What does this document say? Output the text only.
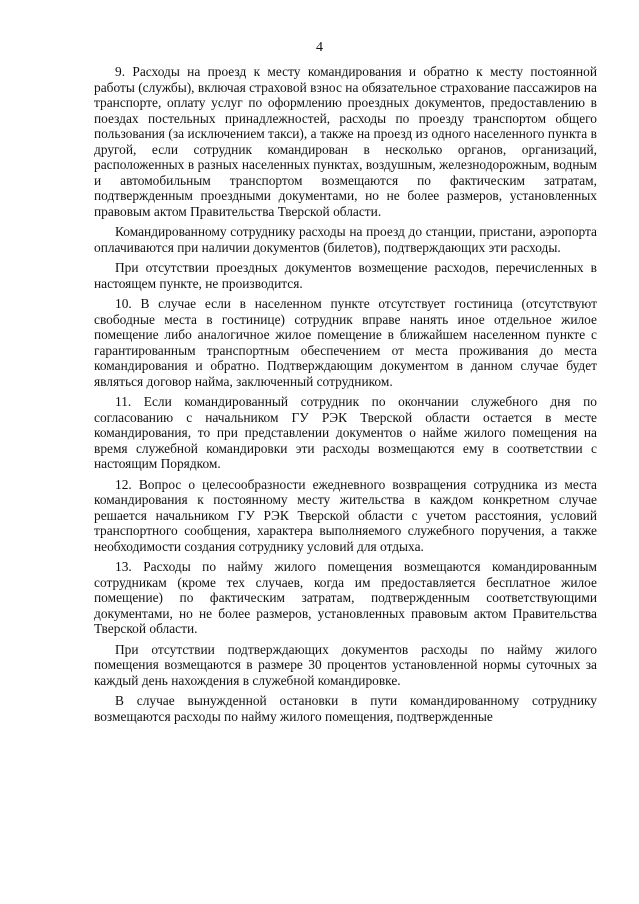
4

9. Расходы на проезд к месту командирования и обратно к месту постоянной работы (службы), включая страховой взнос на обязательное страхование пассажиров на транспорте, оплату услуг по оформлению проездных документов, предоставлению в поездах постельных принадлежностей, расходы по проезду транспортом общего пользования (за исключением такси), а также на проезд из одного населенного пункта в другой, если сотрудник командирован в несколько органов, организаций, расположенных в разных населенных пунктах, воздушным, железнодорожным, водным и автомобильным транспортом возмещаются по фактическим затратам, подтвержденным проездными документами, но не более размеров, установленных правовым актом Правительства Тверской области.

Командированному сотруднику расходы на проезд до станции, пристани, аэропорта оплачиваются при наличии документов (билетов), подтверждающих эти расходы.

При отсутствии проездных документов возмещение расходов, перечисленных в настоящем пункте, не производится.

10. В случае если в населенном пункте отсутствует гостиница (отсутствуют свободные места в гостинице) сотрудник вправе нанять иное отдельное жилое помещение либо аналогичное жилое помещение в ближайшем населенном пункте с гарантированным транспортным обеспечением от места проживания до места командирования и обратно. Подтверждающим документом в данном случае будет являться договор найма, заключенный сотрудником.

11. Если командированный сотрудник по окончании служебного дня по согласованию с начальником ГУ РЭК Тверской области остается в месте командирования, то при представлении документов о найме жилого помещения на время служебной командировки эти расходы возмещаются ему в соответствии с настоящим Порядком.

12. Вопрос о целесообразности ежедневного возвращения сотрудника из места командирования к постоянному месту жительства в каждом конкретном случае решается начальником ГУ РЭК Тверской области с учетом расстояния, условий транспортного сообщения, характера выполняемого служебного поручения, а также необходимости создания сотруднику условий для отдыха.

13. Расходы по найму жилого помещения возмещаются командированным сотрудникам (кроме тех случаев, когда им предоставляется бесплатное жилое помещение) по фактическим затратам, подтвержденным соответствующими документами, но не более размеров, установленных правовым актом Правительства Тверской области.

При отсутствии подтверждающих документов расходы по найму жилого помещения возмещаются в размере 30 процентов установленной нормы суточных за каждый день нахождения в служебной командировке.

В случае вынужденной остановки в пути командированному сотруднику возмещаются расходы по найму жилого помещения, подтвержденные
